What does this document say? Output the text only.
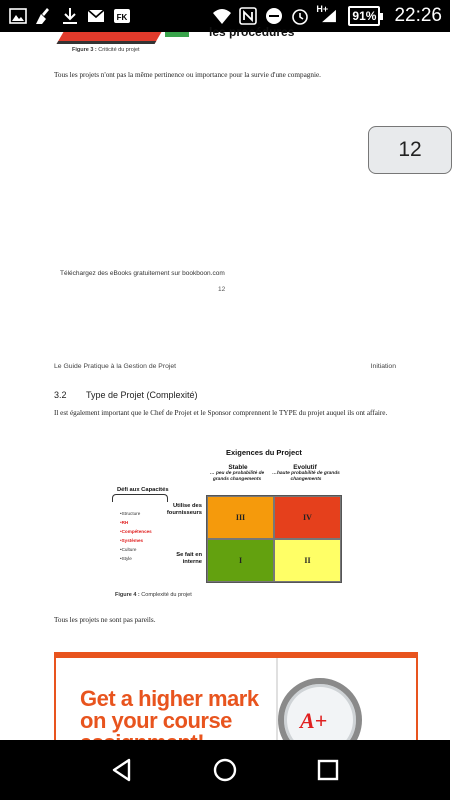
FK
H+	91% 22:26
les procédures
Figure 3 : Criticité du projet
Tous les projets n'ont pas la même pertinence ou importance pour la survie d'une compagnie.
12
Téléchargez des eBooks gratuitement sur bookboon.com
12
Le Guide Pratique à la Gestion de Projet	Initiation
3.2 Type de Projet (Complexité)
Il est également important que le Chef de Projet et le Sponsor comprennent le TYPE du projet auquel ils ont affaire.
Exigences du Project
Stable	Evolutif
… peu de probabilité de grands changements
…haute probabilité de grands changements
Défi aux Capacités
•Structure
•RH
•Compétences
•Systèmes
•Culture
•Style
Utilise des fournisseurs
Se fait en interne
III	IV
I	II
Figure 4 : Complexité du projet
Tous les projets ne sont pas pareils.
Get a higher mark
on your course	A+
